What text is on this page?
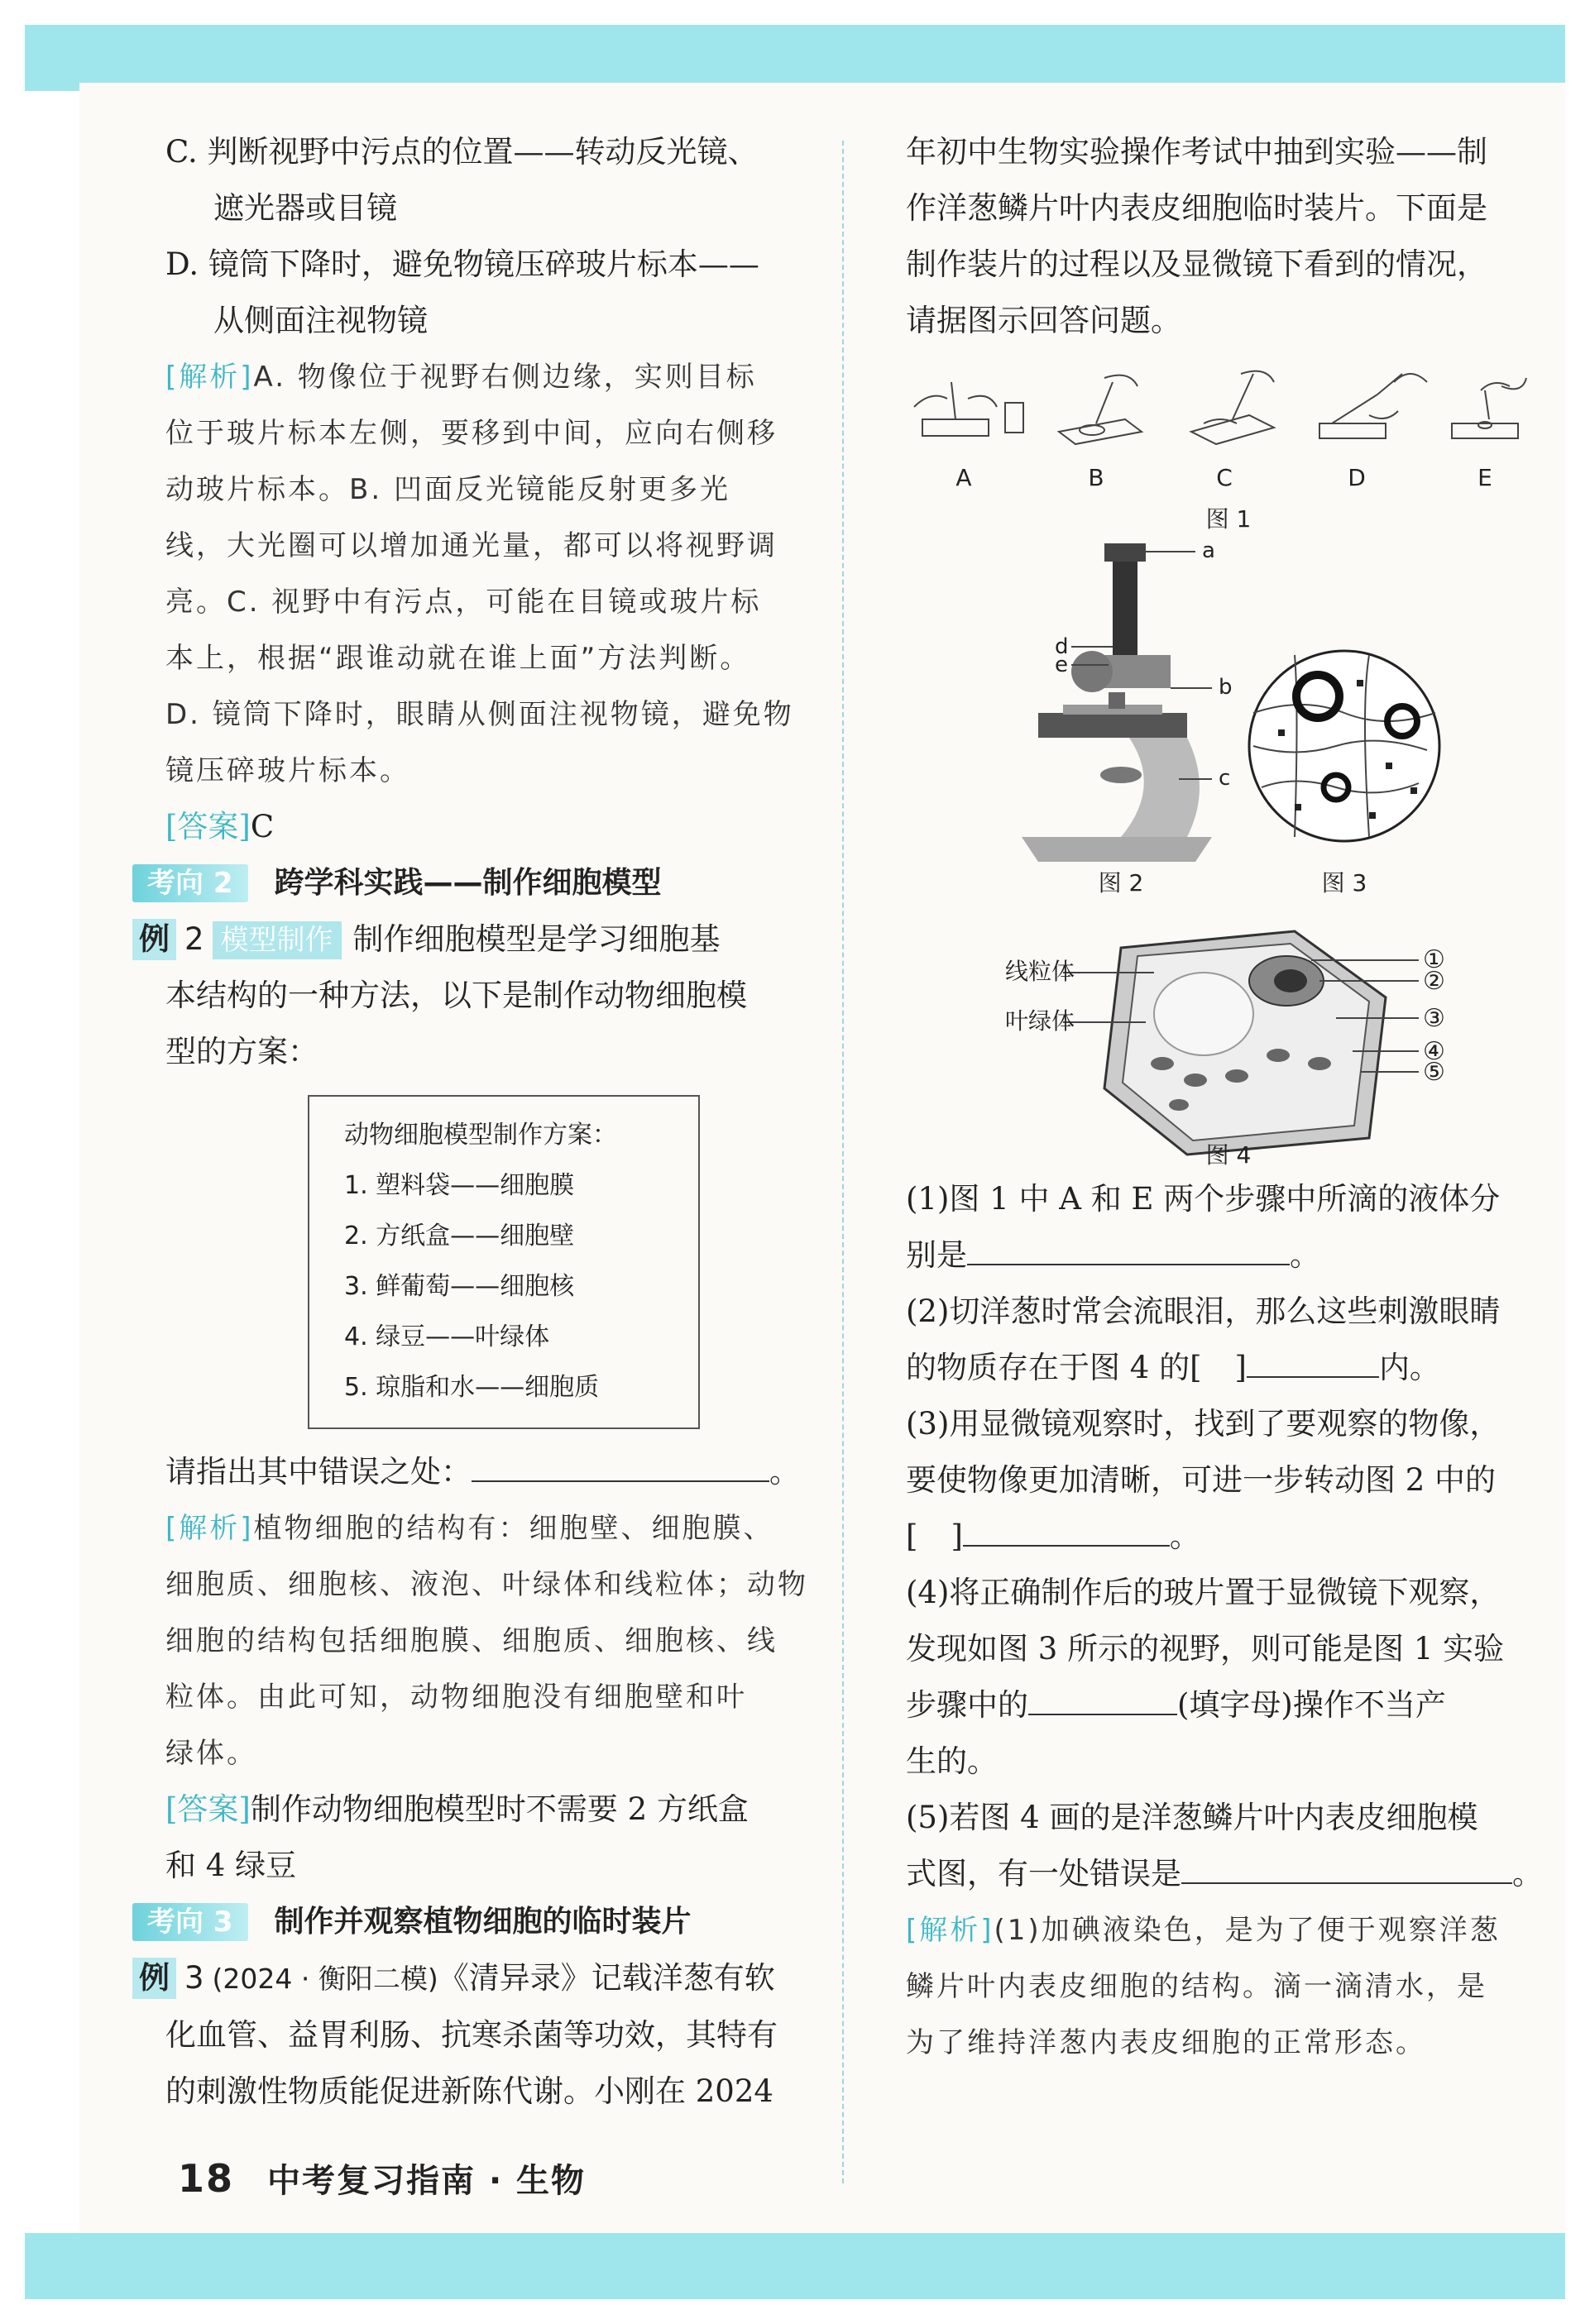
C. 判断视野中污点的位置——转动反光镜、

遮光器或目镜

D. 镜筒下降时，避免物镜压碎玻片标本——

从侧面注视物镜

[解析]A. 物像位于视野右侧边缘，实则目标

位于玻片标本左侧，要移到中间，应向右侧移

动玻片标本。B. 凹面反光镜能反射更多光

线，大光圈可以增加通光量，都可以将视野调

亮。C. 视野中有污点，可能在目镜或玻片标

本上，根据“跟谁动就在谁上面”方法判断。

D. 镜筒下降时，眼睛从侧面注视物镜，避免物

镜压碎玻片标本。

[答案]C

考向 2	跨学科实践——制作细胞模型

例 2 模型制作 制作细胞模型是学习细胞基

本结构的一种方法，以下是制作动物细胞模

型的方案：

动物细胞模型制作方案：
1. 塑料袋——细胞膜
2. 方纸盒——细胞壁
3. 鲜葡萄——细胞核
4. 绿豆——叶绿体
5. 琼脂和水——细胞质

请指出其中错误之处：	。

[解析]植物细胞的结构有：细胞壁、细胞膜、

细胞质、细胞核、液泡、叶绿体和线粒体；动物

细胞的结构包括细胞膜、细胞质、细胞核、线

粒体。由此可知，动物细胞没有细胞壁和叶

绿体。

[答案]制作动物细胞模型时不需要 2 方纸盒

和 4 绿豆

考向 3	制作并观察植物细胞的临时装片

例 3 (2024 · 衡阳二模)《清异录》记载洋葱有软

化血管、益胃利肠、抗寒杀菌等功效，其特有

的刺激性物质能促进新陈代谢。小刚在 2024

年初中生物实验操作考试中抽到实验——制

作洋葱鳞片叶内表皮细胞临时装片。下面是

制作装片的过程以及显微镜下看到的情况，

请据图示回答问题。

A	B	C	D	E
图 1
a
b
c
d
e
图 2	图 3
线粒体
叶绿体
①
②
③
④
⑤
图 4

(1)图 1 中 A 和 E 两个步骤中所滴的液体分

别是	。

(2)切洋葱时常会流眼泪，那么这些刺激眼睛

的物质存在于图 4 的[ ]	内。

(3)用显微镜观察时，找到了要观察的物像，

要使物像更加清晰，可进一步转动图 2 中的

[ ]	。

(4)将正确制作后的玻片置于显微镜下观察，

发现如图 3 所示的视野，则可能是图 1 实验

步骤中的	(填字母)操作不当产

生的。

(5)若图 4 画的是洋葱鳞片叶内表皮细胞模

式图，有一处错误是	。

[解析](1)加碘液染色，是为了便于观察洋葱

鳞片叶内表皮细胞的结构。滴一滴清水，是

为了维持洋葱内表皮细胞的正常形态。

18 中考复习指南 · 生物
